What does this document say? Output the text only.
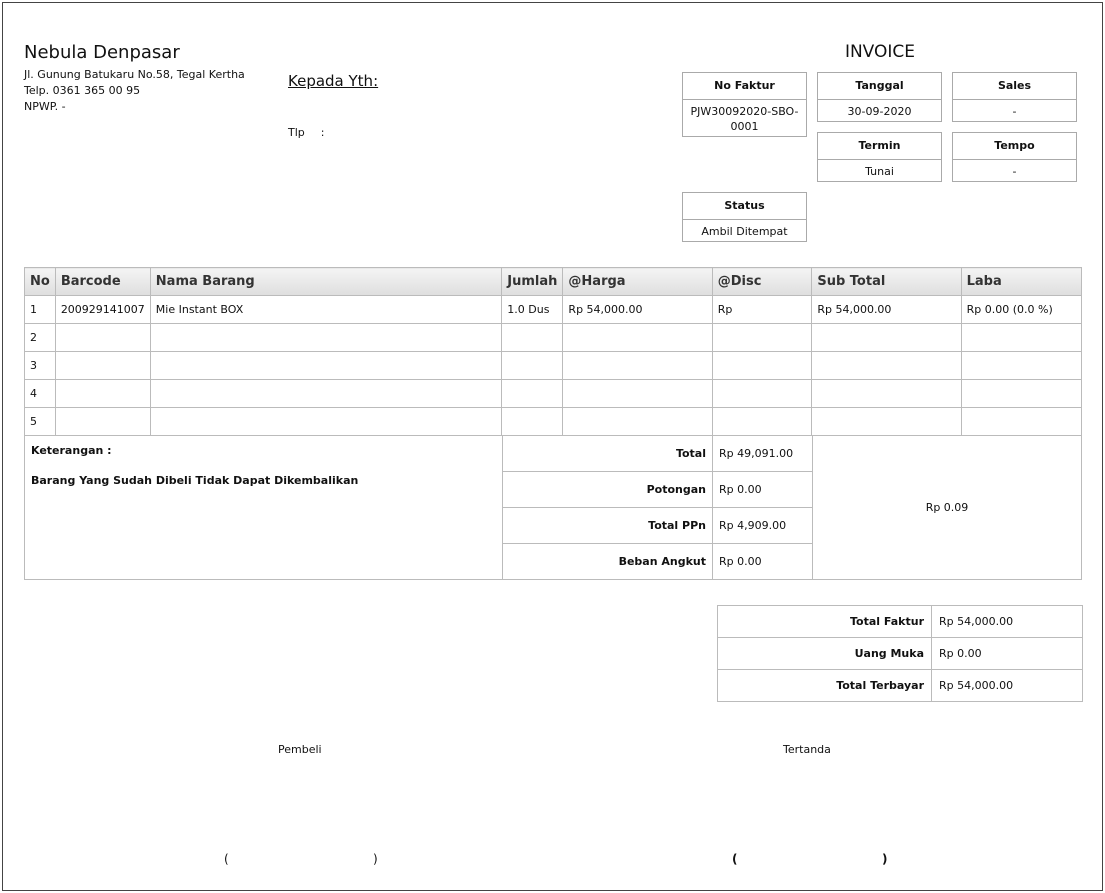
Nebula Denpasar
Jl. Gunung Batukaru No.58, Tegal Kertha
Telp. 0361 365 00 95
NPWP. -
Kepada Yth:
Tlp :
INVOICE
No Faktur
PJW30092020-SBO-0001
Tanggal
30-09-2020
Sales
-
Termin
Tunai
Tempo
-
Status
Ambil Ditempat
No	Barcode	Nama Barang	Jumlah	@Harga	@Disc	Sub Total	Laba
1	200929141007	Mie Instant BOX	1.0 Dus	Rp 54,000.00	Rp	Rp 54,000.00	Rp 0.00 (0.0 %)
2							
3							
4							
5							
Keterangan :
Barang Yang Sudah Dibeli Tidak Dapat Dikembalikan
Total	Rp 49,091.00
Potongan	Rp 0.00
Total PPn	Rp 4,909.00
Beban Angkut	Rp 0.00
Rp 0.09
Total Faktur	Rp 54,000.00
Uang Muka	Rp 0.00
Total Terbayar	Rp 54,000.00
Pembeli	Tertanda
(	)	(	)
